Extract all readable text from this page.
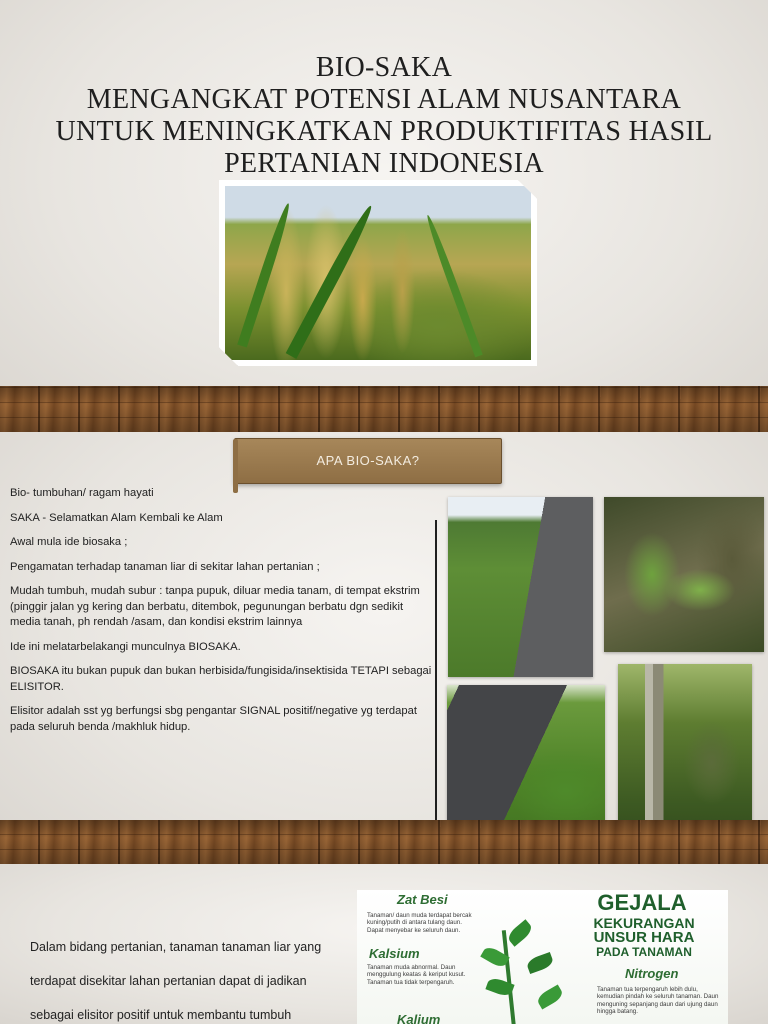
BIO-SAKA
MENGANGKAT POTENSI ALAM NUSANTARA
UNTUK MENINGKATKAN PRODUKTIFITAS HASIL
PERTANIAN INDONESIA
APA BIO-SAKA?

Bio- tumbuhan/ ragam hayati

SAKA - Selamatkan Alam Kembali ke Alam

Awal mula ide biosaka ;

Pengamatan terhadap tanaman liar di sekitar lahan pertanian ;

Mudah tumbuh, mudah subur : tanpa pupuk, diluar media tanam, di tempat ekstrim (pinggir jalan yg kering dan berbatu, ditembok, pegunungan berbatu dgn sedikit media tanah, ph rendah /asam, dan kondisi ekstrim lainnya

Ide ini melatarbelakangi munculnya BIOSAKA.

BIOSAKA itu bukan pupuk dan bukan herbisida/fungisida/insektisida TETAPI sebagai ELISITOR.

Elisitor adalah sst yg berfungsi sbg pengantar SIGNAL positif/negative yg terdapat pada seluruh benda /makhluk hidup.

Dalam bidang pertanian, tanaman tanaman liar yang
terdapat disekitar lahan pertanian dapat di jadikan
sebagai elisitor positif untuk membantu tumbuh
Zat Besi
Tanaman/ daun muda terdapat bercak kuning/putih di antara tulang daun. Dapat menyebar ke seluruh daun.
Kalsium
Tanaman muda abnormal. Daun menggulung keatas & keriput kusut. Tanaman tua tidak terpengaruh.
Kalium
GEJALA
KEKURANGAN
UNSUR HARA
PADA TANAMAN
Nitrogen
Tanaman tua terpengaruh lebih dulu, kemudian pindah ke seluruh tanaman. Daun menguning sepanjang daun dari ujung daun hingga batang.
